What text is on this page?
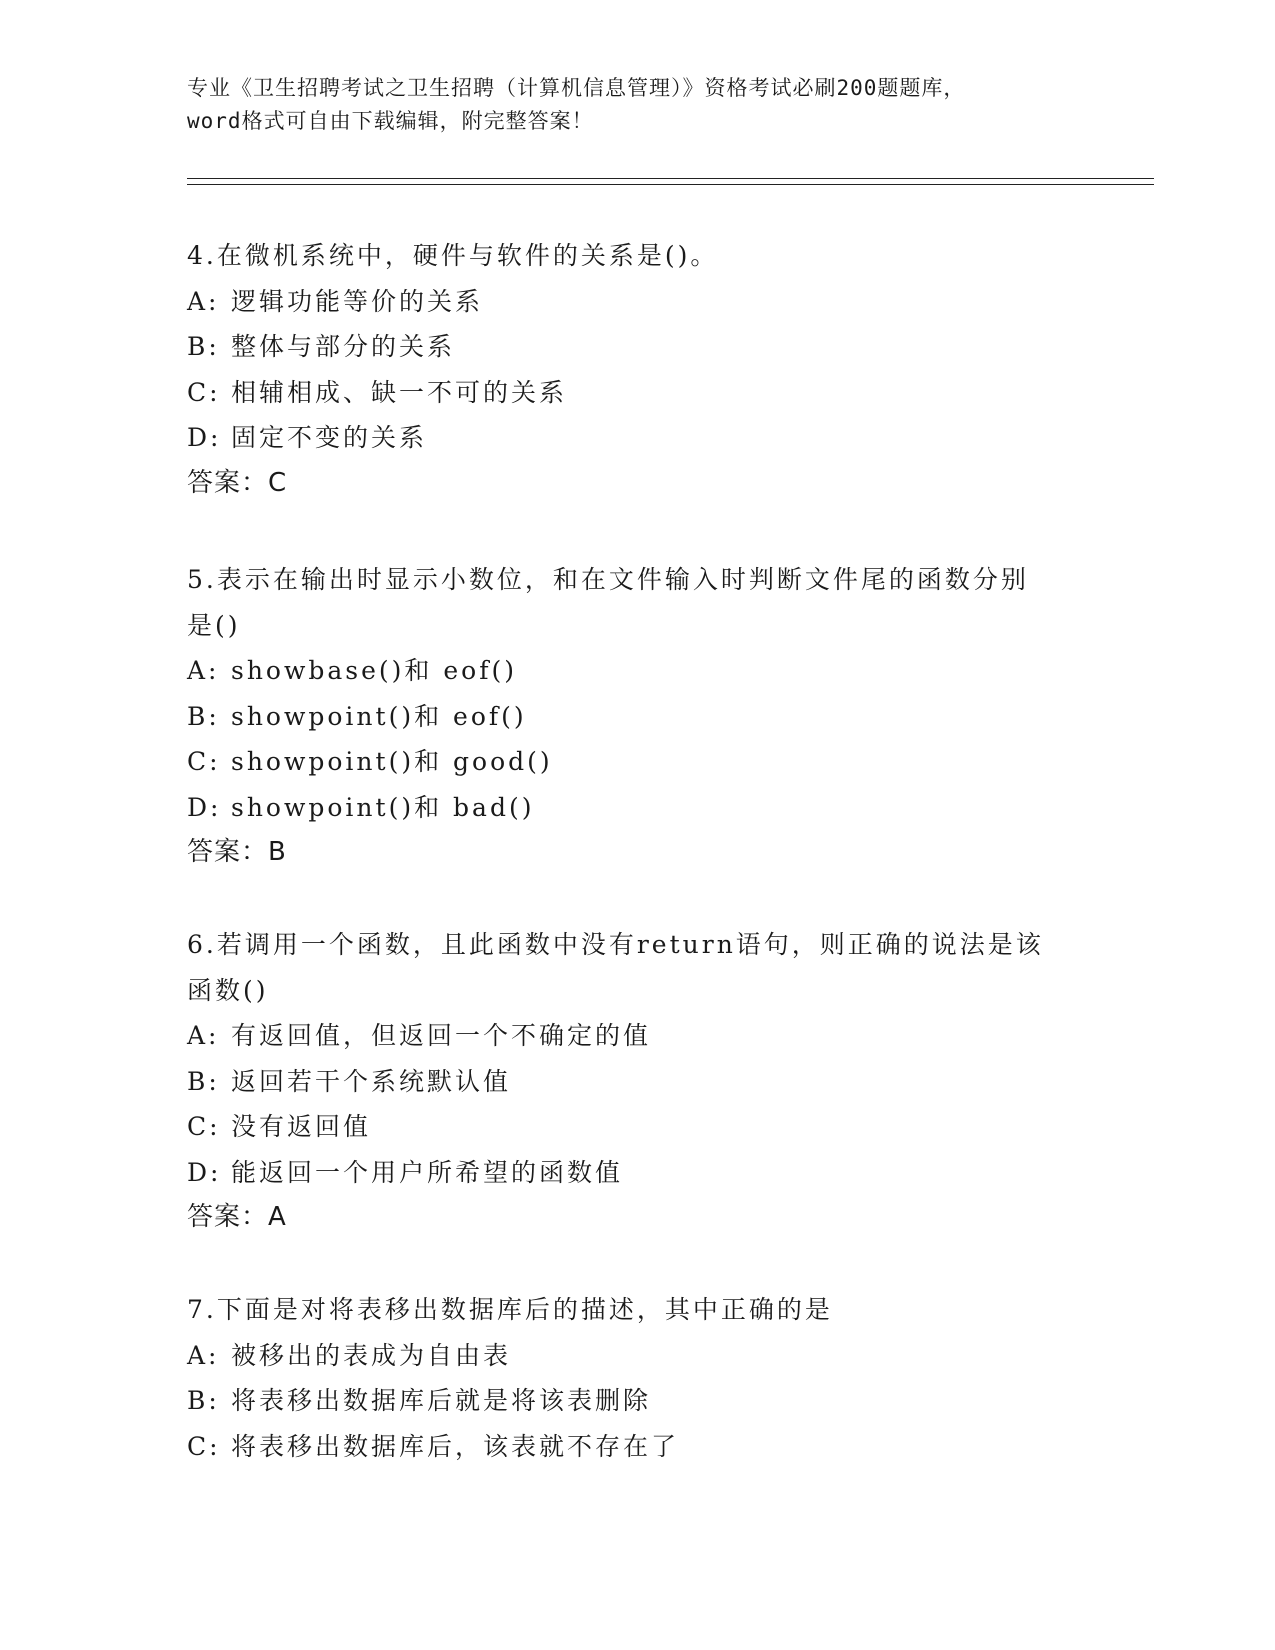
专业《卫生招聘考试之卫生招聘（计算机信息管理）》资格考试必刷200题题库，
word格式可自由下载编辑，附完整答案！
4.在微机系统中，硬件与软件的关系是()。
A: 逻辑功能等价的关系
B: 整体与部分的关系
C: 相辅相成、缺一不可的关系
D: 固定不变的关系
答案：C
5.表示在输出时显示小数位，和在文件输入时判断文件尾的函数分别
是()
A: showbase()和 eof()
B: showpoint()和 eof()
C: showpoint()和 good()
D: showpoint()和 bad()
答案：B
6.若调用一个函数，且此函数中没有return语句，则正确的说法是该
函数()
A: 有返回值，但返回一个不确定的值
B: 返回若干个系统默认值
C: 没有返回值
D: 能返回一个用户所希望的函数值
答案：A
7.下面是对将表移出数据库后的描述，其中正确的是
A: 被移出的表成为自由表
B: 将表移出数据库后就是将该表删除
C: 将表移出数据库后，该表就不存在了
